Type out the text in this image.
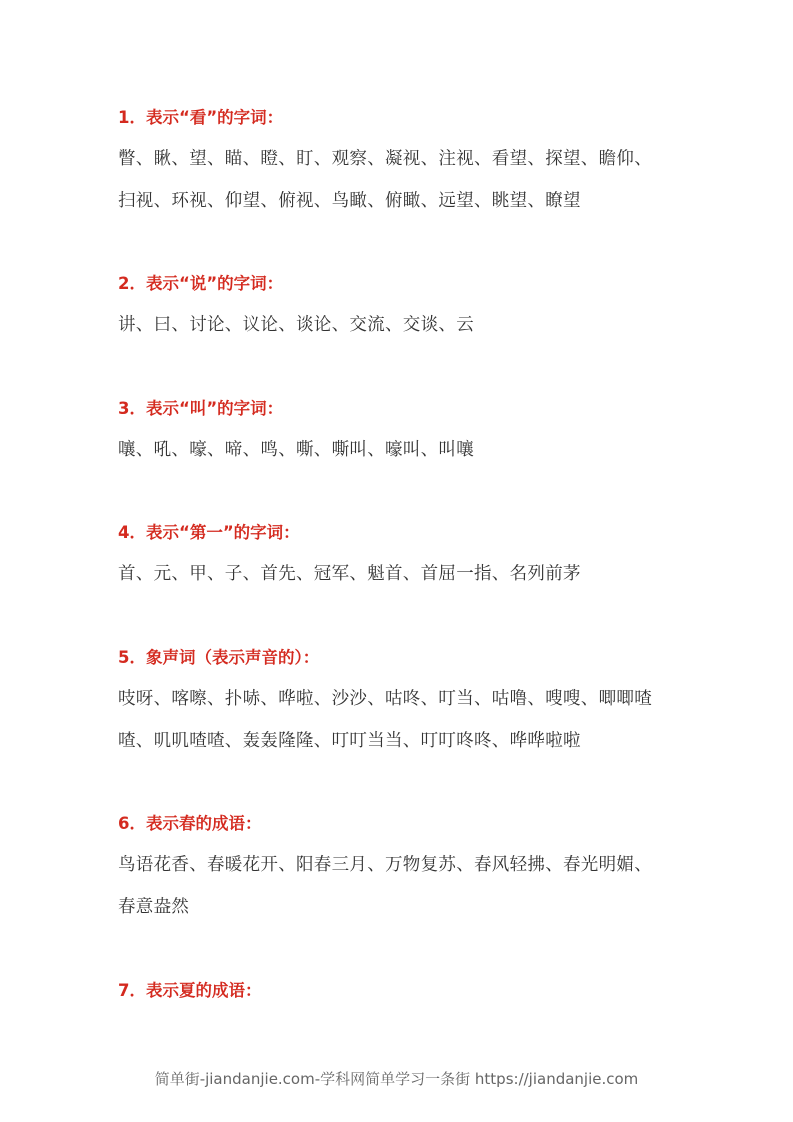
1．表示“看”的字词：
瞥、瞅、望、瞄、瞪、盯、观察、凝视、注视、看望、探望、瞻仰、
扫视、环视、仰望、俯视、鸟瞰、俯瞰、远望、眺望、瞭望
2．表示“说”的字词：
讲、曰、讨论、议论、谈论、交流、交谈、云
3．表示“叫”的字词：
嚷、吼、嚎、啼、鸣、嘶、嘶叫、嚎叫、叫嚷
4．表示“第一”的字词：
首、元、甲、子、首先、冠军、魁首、首屈一指、名列前茅
5．象声词（表示声音的）：
吱呀、喀嚓、扑哧、哗啦、沙沙、咕咚、叮当、咕噜、嗖嗖、唧唧喳
喳、叽叽喳喳、轰轰隆隆、叮叮当当、叮叮咚咚、哗哗啦啦
6．表示春的成语：
鸟语花香、春暖花开、阳春三月、万物复苏、春风轻拂、春光明媚、
春意盎然
7．表示夏的成语：
简单街-jiandanjie.com-学科网简单学习一条街 https://jiandanjie.com
